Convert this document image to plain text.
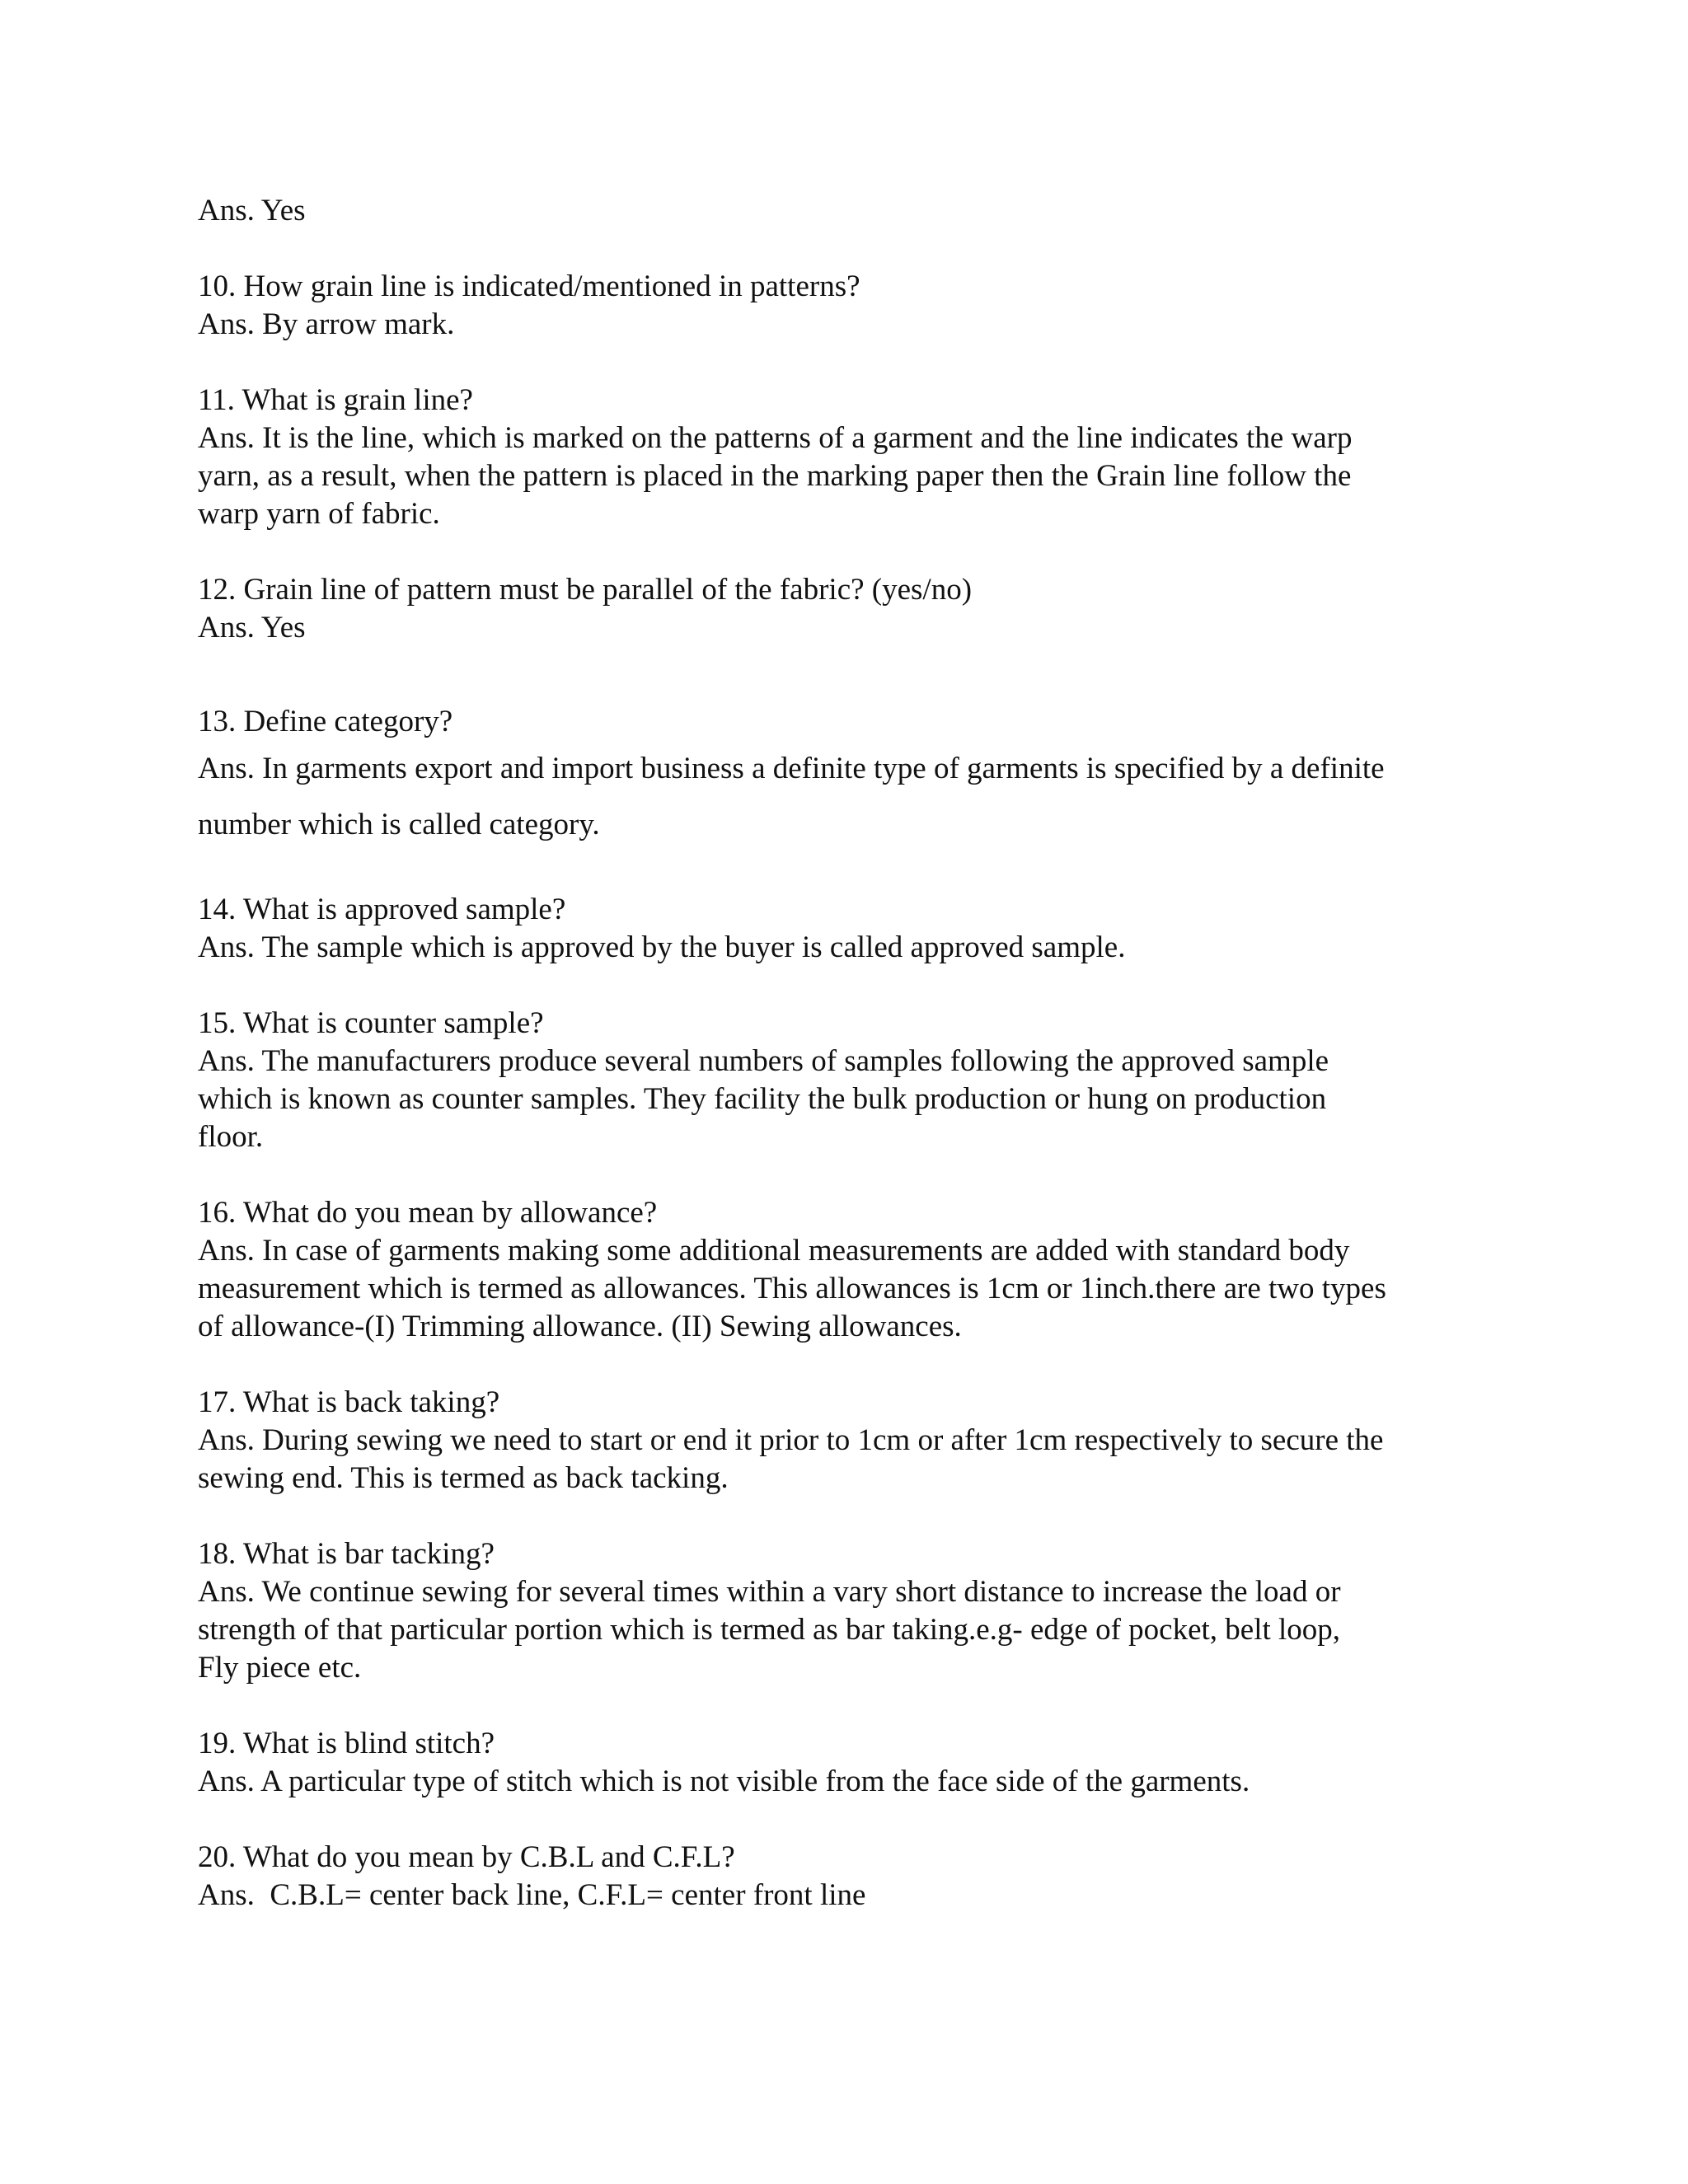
Ans. Yes
10. How grain line is indicated/mentioned in patterns?
Ans. By arrow mark.
11. What is grain line?
Ans. It is the line, which is marked on the patterns of a garment and the line indicates the warp
yarn, as a result, when the pattern is placed in the marking paper then the Grain line follow the
warp yarn of fabric.
12. Grain line of pattern must be parallel of the fabric? (yes/no)
Ans. Yes
13. Define category?
Ans. In garments export and import business a definite type of garments is specified by a definite
number which is called category.
14. What is approved sample?
Ans. The sample which is approved by the buyer is called approved sample.
15. What is counter sample?
Ans. The manufacturers produce several numbers of samples following the approved sample
which is known as counter samples. They facility the bulk production or hung on production
floor.
16. What do you mean by allowance?
Ans. In case of garments making some additional measurements are added with standard body
measurement which is termed as allowances. This allowances is 1cm or 1inch.there are two types
of allowance-(I) Trimming allowance. (II) Sewing allowances.
17. What is back taking?
Ans. During sewing we need to start or end it prior to 1cm or after 1cm respectively to secure the
sewing end. This is termed as back tacking.
18. What is bar tacking?
Ans. We continue sewing for several times within a vary short distance to increase the load or
strength of that particular portion which is termed as bar taking.e.g- edge of pocket, belt loop,
Fly piece etc.
19. What is blind stitch?
Ans. A particular type of stitch which is not visible from the face side of the garments.
20. What do you mean by C.B.L and C.F.L?
Ans.  C.B.L= center back line, C.F.L= center front line
